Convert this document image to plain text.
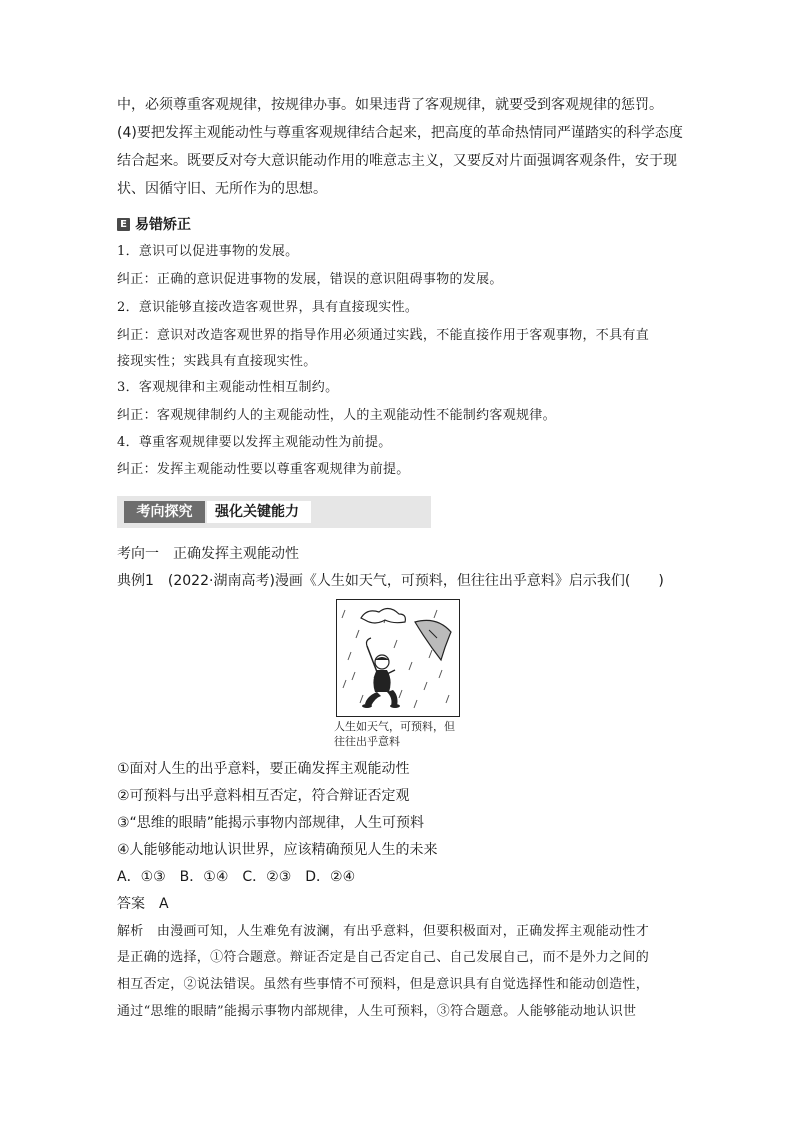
中，必须尊重客观规律，按规律办事。如果违背了客观规律，就要受到客观规律的惩罚。
(4)要把发挥主观能动性与尊重客观规律结合起来，把高度的革命热情同严谨踏实的科学态度
结合起来。既要反对夸大意识能动作用的唯意志主义，又要反对片面强调客观条件，安于现
状、因循守旧、无所作为的思想。
E 易错矫正
1．意识可以促进事物的发展。
纠正：正确的意识促进事物的发展，错误的意识阻碍事物的发展。
2．意识能够直接改造客观世界，具有直接现实性。
纠正：意识对改造客观世界的指导作用必须通过实践，不能直接作用于客观事物，不具有直
接现实性；实践具有直接现实性。
3．客观规律和主观能动性相互制约。
纠正：客观规律制约人的主观能动性，人的主观能动性不能制约客观规律。
4．尊重客观规律要以发挥主观能动性为前提。
纠正：发挥主观能动性要以尊重客观规律为前提。
考向探究	强化关键能力
考向一　正确发挥主观能动性
典例1　(2022·湖南高考)漫画《人生如天气，可预料，但往往出乎意料》启示我们(　　)
人生如天气，可预料，但
往往出乎意料
①面对人生的出乎意料，要正确发挥主观能动性
②可预料与出乎意料相互否定，符合辩证否定观
③“思维的眼睛”能揭示事物内部规律，人生可预料
④人能够能动地认识世界，应该精确预见人生的未来
A．①③　B．①④　C．②③　D．②④
答案　A
解析　由漫画可知，人生难免有波澜，有出乎意料，但要积极面对，正确发挥主观能动性才
是正确的选择，①符合题意。辩证否定是自己否定自己、自己发展自己，而不是外力之间的
相互否定，②说法错误。虽然有些事情不可预料，但是意识具有自觉选择性和能动创造性，
通过“思维的眼睛”能揭示事物内部规律，人生可预料，③符合题意。人能够能动地认识世
